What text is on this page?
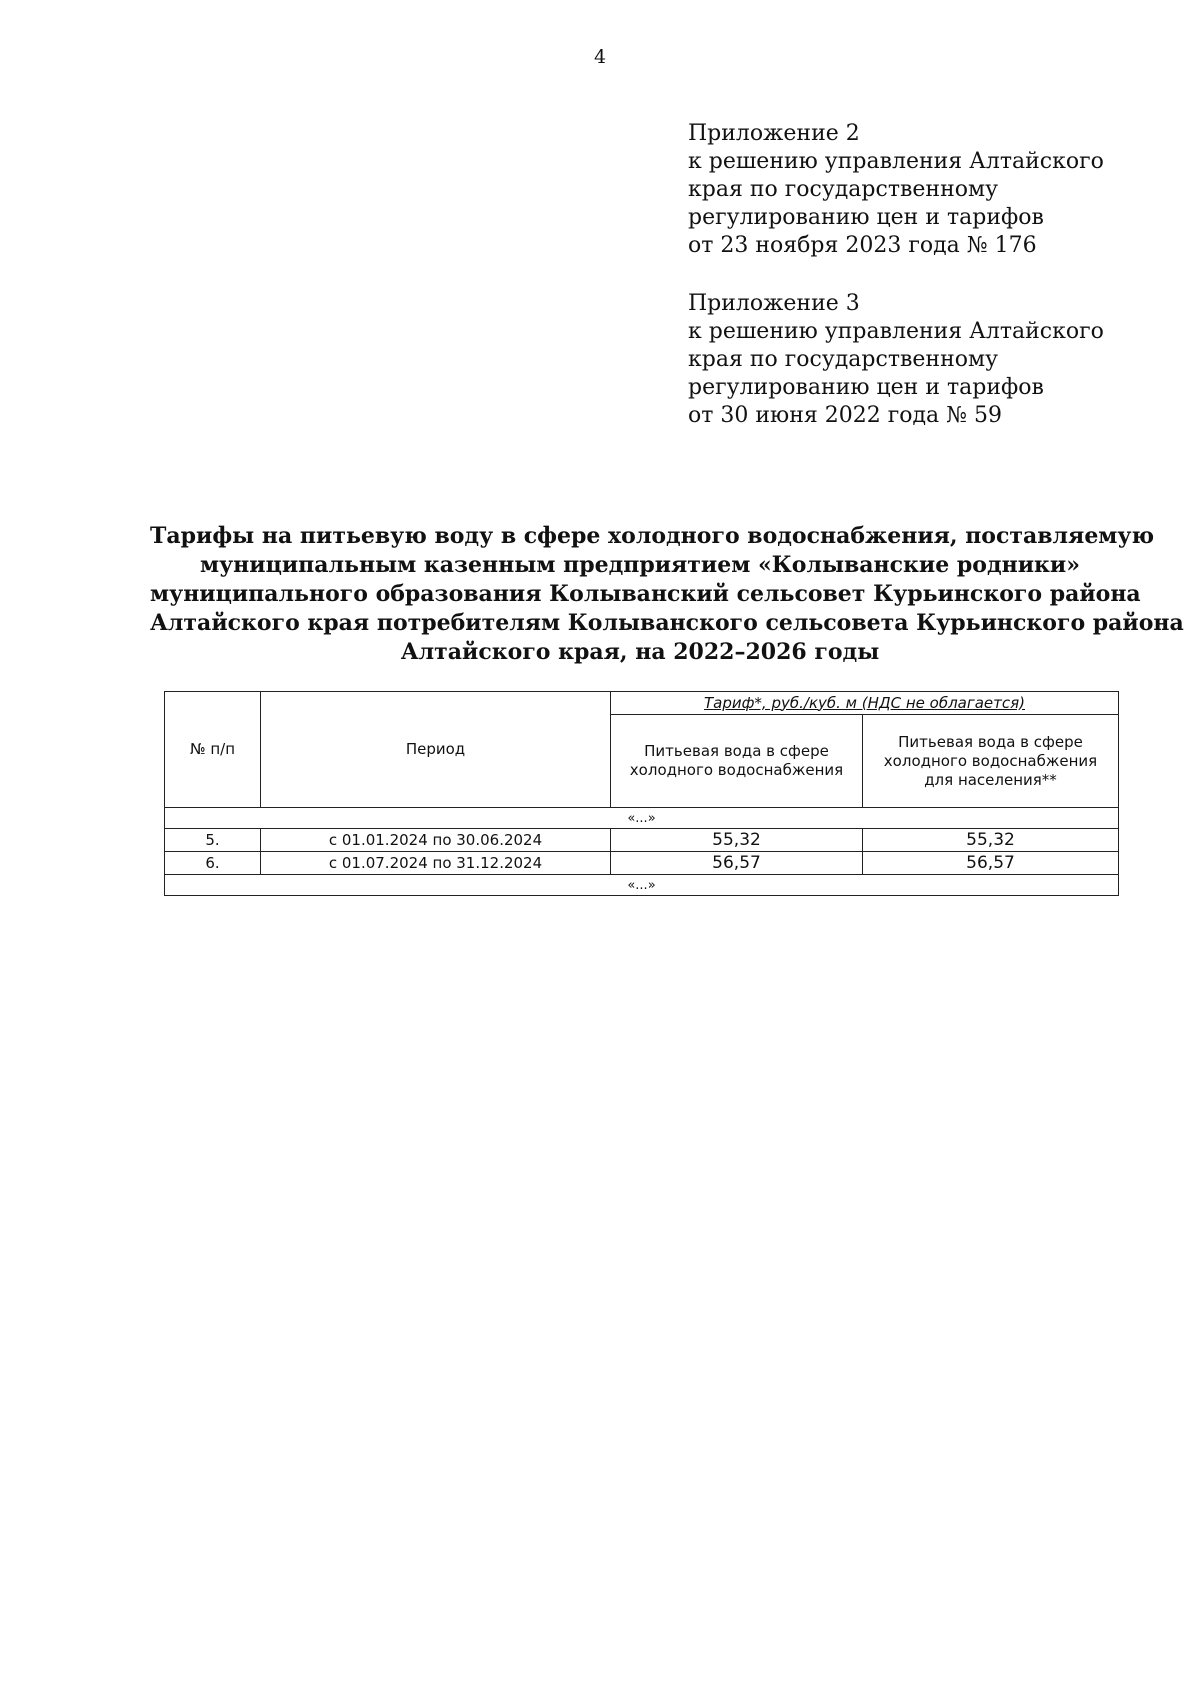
4
Приложение 2
к решению управления Алтайского
края по государственному
регулированию цен и тарифов
от 23 ноября 2023 года № 176
Приложение 3
к решению управления Алтайского
края по государственному
регулированию цен и тарифов
от 30 июня 2022 года № 59
Тарифы на питьевую воду в сфере холодного водоснабжения, поставляемую
муниципальным казенным предприятием «Колыванские родники»
муниципального образования Колыванский сельсовет Курьинского района
Алтайского края потребителям Колыванского сельсовета Курьинского района
Алтайского края, на 2022–2026 годы
№ п/п	Период	Тариф*, руб./куб. м (НДС не облагается)	
		Питьевая вода в сфере холодного водоснабжения	Питьевая вода в сфере холодного водоснабжения для населения**
«...»			
5.	с 01.01.2024 по 30.06.2024	55,32	55,32
6.	с 01.07.2024 по 31.12.2024	56,57	56,57
«...»			
